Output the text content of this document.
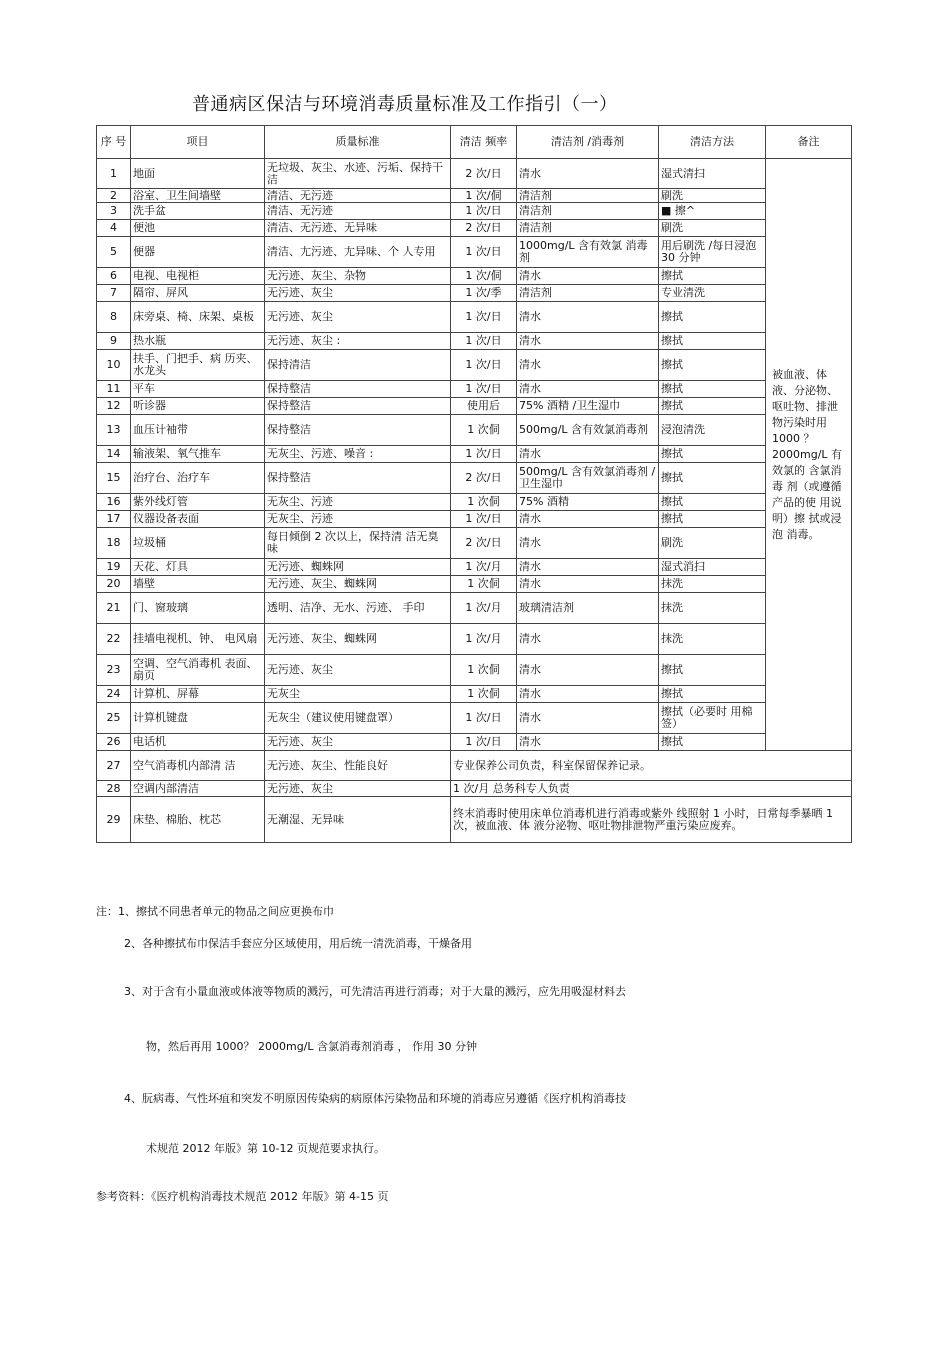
普通病区保洁与环境消毒质量标准及工作指引（一）
序 号	项目	质量标准	清洁 频率	清洁剂 /消毒剂	清洁方法	备注
1	地面	无垃圾、灰尘、水迹、污垢、保持干洁	2 次/日	清水	湿式清扫	被血液、体液、分泌物、呕吐物、排泄物污染时用 1000 ？ 2000mg/L 有效氯的 含氯消毒 剂（或遵循 产品的使 用说明）擦 拭或浸泡 消毒。
2	浴室、卫生间墙壁	清洁、无污迹	1 次/侗	清洁剂	刷洗	
3	洗手盆	清洁、无污迹	1 次/日	清洁剂	■ 擦^	
4	便池	清洁、无污迹、无异味	2 次/日	清洁剂	刷洗	
5	便器	清洁、尢污迹、尢异味、个 人专用	1 次/日	1000mg/L 含有效氯 消毒剂	用后刷洗 /每日浸泡 30 分钟	
6	电视、电视柜	无污迹、灰尘、杂物	1 次/侗	清水	擦拭	
7	隔帘、屏风	无污迹、灰尘	1 次/季	清洁剂	专业清洗	
8	床旁桌、椅、床架、桌板	无污迹、灰尘	1 次/日	清水	擦拭	
9	热水瓶	无污迹、灰尘 :	1 次/日	清水	擦拭	
10	扶手、门把手、病 历夹、水龙头	保持清洁	1 次/日	清水	擦拭	
11	平车	保持整洁	1 次/日	清水	擦拭	
12	听诊器	保持整洁	使用后	75% 酒精 /卫生湿巾	擦拭	
13	血压计袖带	保持整洁	1 次侗	500mg/L 含有效氯消毒剂	浸泡清洗	
14	输液架、氧气推车	无灰尘、污迹、噪音 :	1 次/日	清水	擦拭	
15	治疗台、治疗车	保持整洁	2 次/日	500mg/L 含有效氯消毒剂 /卫生湿巾	擦拭	
16	紫外线灯管	无灰尘、污迹	1 次侗	75% 酒精	擦拭	
17	仪器设备表面	无灰尘、污迹	1 次/日	清水	擦拭	
18	垃圾桶	每日倾倒 2 次以上，保持清 洁无臭味	2 次/日	清水	刷洗	
19	天花、灯具	无污迹、蜘蛛网	1 次/月	清水	湿式消扫	
20	墙壁	无污迹、灰尘、蜘蛛网	1 次侗	清水	抹洗	
21	门、窗玻璃	透明、洁净、无水、污迹、 手印	1 次/月	玻璃清洁剂	抹洗	
22	挂墙电视机、钟、 电风扇	无污迹、灰尘、蜘蛛网	1 次/月	清水	抹洗	
23	空调、空气消毒机 表面、扇页	无污迹、灰尘	1 次侗	清水	擦拭	
24	计算机、屏幕	无灰尘	1 次侗	清水	擦拭	
25	计算机键盘	无灰尘（建议使用键盘罩）	1 次/日	清水	擦拭（必要时 用棉签）	
26	电话机	无污迹、灰尘	1 次/日	清水	擦拭	
27	空气消毒机内部清 洁	无污迹、灰尘、性能良好	专业保养公司负责，科室保留保养记录。			
28	空调内部清洁	无污迹、灰尘	1 次/月 总务科专人负责			
29	床垫、棉胎、枕芯	无潮湿、无异味	终末消毒时使用床单位消毒机进行消毒或紫外 线照射 1 小时，日常每季暴晒 1 次，被血液、体 液分泌物、呕吐物排泄物严重污染应废弃。			
注：1、擦拭不同患者单元的物品之间应更换布巾
2、各种擦拭布巾保洁手套应分区域使用，用后统一清洗消毒，干燥备用
3、对于含有小量血液或体液等物质的溅污，可先清洁再进行消毒；对于大量的溅污，应先用吸湿材料去
物，然后再用 1000？ 2000mg/L 含氯消毒剂消毒 ， 作用 30 分钟
4、朊病毒、气性坏疽和突发不明原因传染病的病原体污染物品和环境的消毒应另遵循《医疗机构消毒技
术规范 2012 年版》第 10-12 页规范要求执行。
参考资料：《医疗机构消毒技术规范 2012 年版》第 4-15 页
